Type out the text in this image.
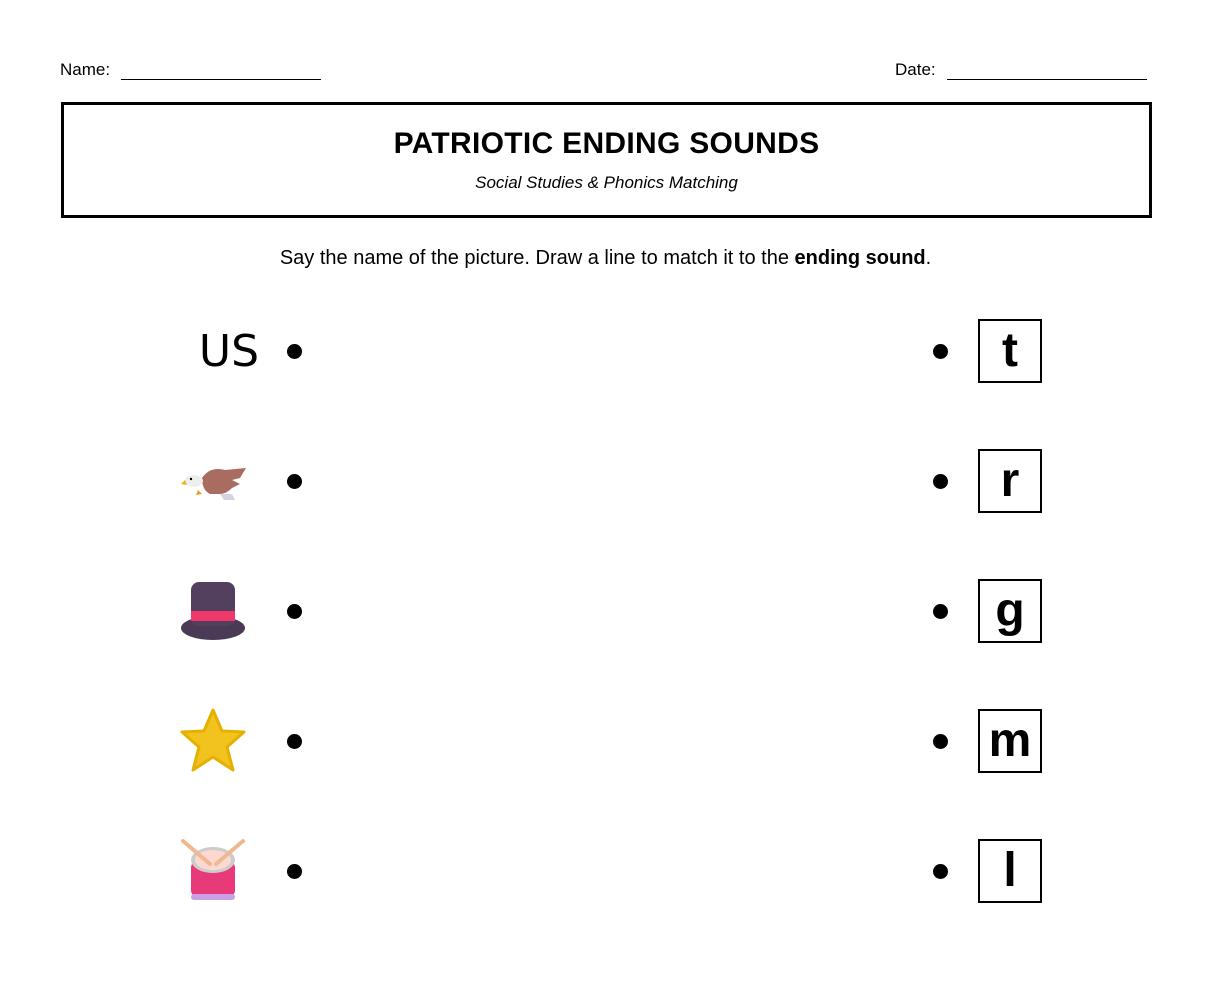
Name:	Date:
PATRIOTIC ENDING SOUNDS
Social Studies & Phonics Matching
Say the name of the picture. Draw a line to match it to the ending sound.
US	t
r
g
m
l
